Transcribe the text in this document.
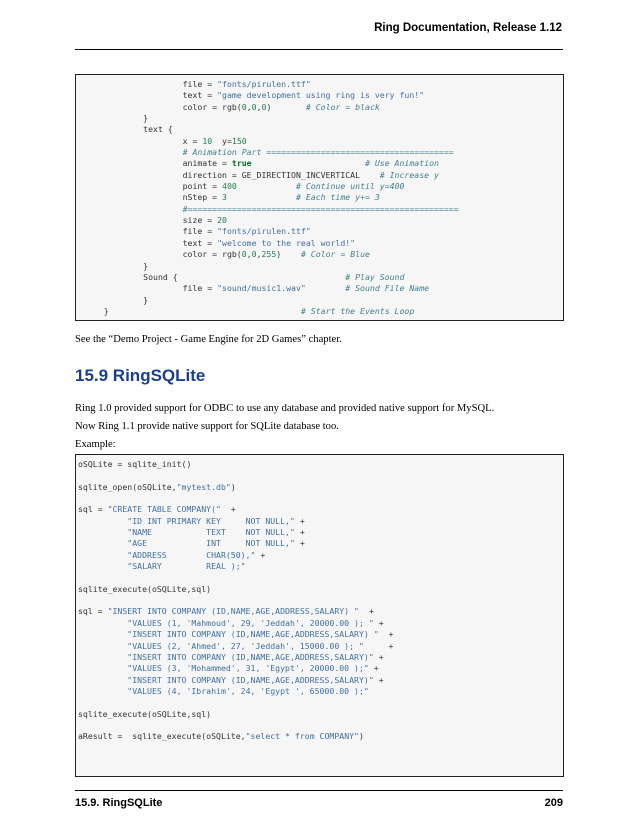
Ring Documentation, Release 1.12
file = "fonts/pirulen.ttf"
text = "game development using ring is very fun!"
color = rgb(0,0,0)       # Color = black
}
text {
x = 10  y=150
# Animation Part ======================================
animate = true	# Use Animation
direction = GE_DIRECTION_INCVERTICAL    # Increase y
point = 400	# Continue until y=400
nStep = 3	# Each time y+= 3
#=======================================================
size = 20
file = "fonts/pirulen.ttf"
text = "welcome to the real world!"
color = rgb(0,0,255)    # Color = Blue
}
Sound {                                  # Play Sound
file = "sound/music1.wav"	# Sound File Name
}
}                                       # Start the Events Loop
See the “Demo Project - Game Engine for 2D Games” chapter.
15.9 RingSQLite
Ring 1.0 provided support for ODBC to use any database and provided native support for MySQL.
Now Ring 1.1 provide native support for SQLite database too.
Example:
oSQLite = sqlite_init()

sqlite_open(oSQLite,"mytest.db")

sql = "CREATE TABLE COMPANY("  +
"ID INT PRIMARY KEY     NOT NULL," +
"NAME           TEXT    NOT NULL," +
"AGE            INT     NOT NULL," +
"ADDRESS        CHAR(50)," +
"SALARY         REAL );"

sqlite_execute(oSQLite,sql)

sql = "INSERT INTO COMPANY (ID,NAME,AGE,ADDRESS,SALARY) "  +
"VALUES (1, 'Mahmoud', 29, 'Jeddah', 20000.00 ); " +
"INSERT INTO COMPANY (ID,NAME,AGE,ADDRESS,SALARY) "  +
"VALUES (2, 'Ahmed', 27, 'Jeddah', 15000.00 ); "     +
"INSERT INTO COMPANY (ID,NAME,AGE,ADDRESS,SALARY)" +
"VALUES (3, 'Mohammed', 31, 'Egypt', 20000.00 );" +
"INSERT INTO COMPANY (ID,NAME,AGE,ADDRESS,SALARY)" +
"VALUES (4, 'Ibrahim', 24, 'Egypt ', 65000.00 );"

sqlite_execute(oSQLite,sql)

aResult =  sqlite_execute(oSQLite,"select * from COMPANY")
15.9. RingSQLite	209
